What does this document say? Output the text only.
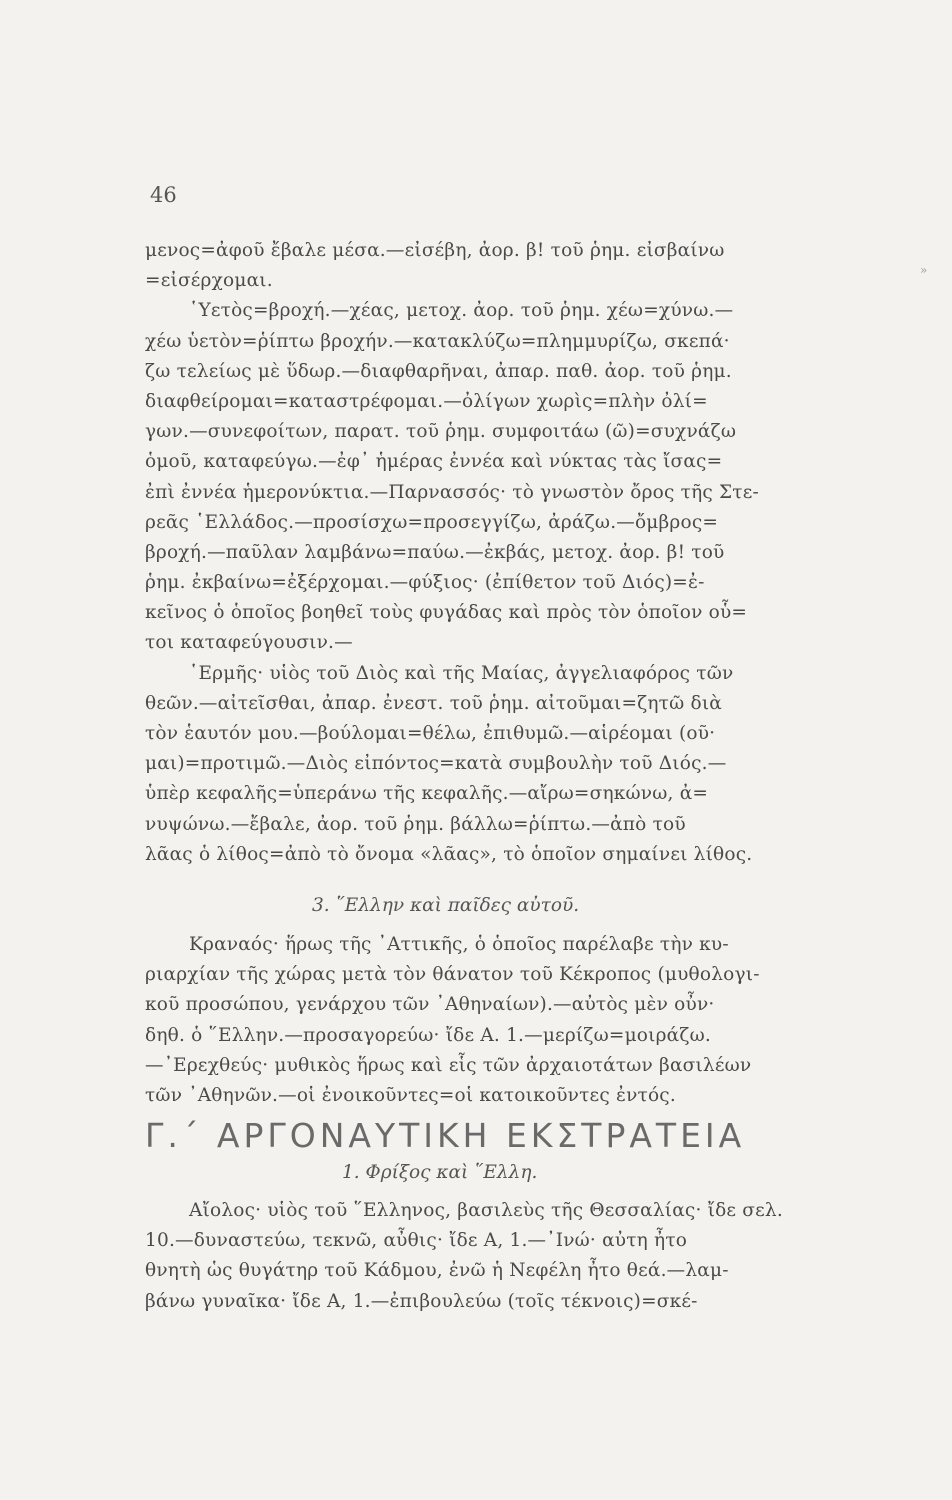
46
»
μενος=ἀφοῦ ἔβαλε μέσα.—εἰσέβη, ἀορ. β! τοῦ ῥημ. εἰσβαίνω
=εἰσέρχομαι.
῾Υετὸς=βροχή.—χέας, μετοχ. ἀορ. τοῦ ῥημ. χέω=χύνω.—
χέω ὑετὸν=ῥίπτω βροχήν.—κατακλύζω=πλημμυρίζω, σκεπά·
ζω τελείως μὲ ὕδωρ.—διαφθαρῆναι, ἀπαρ. παθ. ἀορ. τοῦ ῥημ.
διαφθείρομαι=καταστρέφομαι.—ὀλίγων χωρὶς=πλὴν ὀλί=
γων.—συνεφοίτων, παρατ. τοῦ ῥημ. συμφοιτάω (ῶ)=συχνάζω
ὁμοῦ, καταφεύγω.—ἐφ᾽ ἡμέρας ἐννέα καὶ νύκτας τὰς ἴσας=
ἐπὶ ἐννέα ἡμερονύκτια.—Παρνασσός· τὸ γνωστὸν ὄρος τῆς Στε-
ρεᾶς ῾Ελλάδος.—προσίσχω=προσεγγίζω, ἀράζω.—ὄμβρος=
βροχή.—παῦλαν λαμβάνω=παύω.—ἐκβάς, μετοχ. ἀορ. β! τοῦ
ῥημ. ἐκβαίνω=ἐξέρχομαι.—φύξιος· (ἐπίθετον τοῦ Διός)=ἐ-
κεῖνος ὁ ὁποῖος βοηθεῖ τοὺς φυγάδας καὶ πρὸς τὸν ὁποῖον οὗ=
τοι καταφεύγουσιν.—
῾Ερμῆς· υἱὸς τοῦ Διὸς καὶ τῆς Μαίας, ἀγγελιαφόρος τῶν
θεῶν.—αἰτεῖσθαι, ἀπαρ. ἐνεστ. τοῦ ῥημ. αἰτοῦμαι=ζητῶ διὰ
τὸν ἑαυτόν μου.—βούλομαι=θέλω, ἐπιθυμῶ.—αἱρέομαι (οῦ·
μαι)=προτιμῶ.—Διὸς εἰπόντος=κατὰ συμβουλὴν τοῦ Διός.—
ὑπὲρ κεφαλῆς=ὑπεράνω τῆς κεφαλῆς.—αἴρω=σηκώνω, ἀ=
νυψώνω.—ἔβαλε, ἀορ. τοῦ ῥημ. βάλλω=ῥίπτω.—ἀπὸ τοῦ
λᾶας ὁ λίθος=ἀπὸ τὸ ὄνομα «λᾶας», τὸ ὁποῖον σημαίνει λίθος.
3. ῞Ελλην καὶ παῖδες αὐτοῦ.
Κραναός· ἥρως τῆς ᾿Αττικῆς, ὁ ὁποῖος παρέλαβε τὴν κυ-
ριαρχίαν τῆς χώρας μετὰ τὸν θάνατον τοῦ Κέκροπος (μυθολογι-
κοῦ προσώπου, γενάρχου τῶν ᾿Αθηναίων).—αὐτὸς μὲν οὖν·
δηθ. ὁ ῞Ελλην.—προσαγορεύω· ἴδε Α. 1.—μερίζω=μοιράζω.
—᾿Ερεχθεύς· μυθικὸς ἥρως καὶ εἷς τῶν ἀρχαιοτάτων βασιλέων
τῶν ᾿Αθηνῶν.—οἱ ἐνοικοῦντες=οἱ κατοικοῦντες ἐντός.
Γ.΄ ΑΡΓΟΝΑΥΤΙΚΗ ΕΚΣΤΡΑΤΕΙΑ
1. Φρίξος καὶ ῞Ελλη.
Αἴολος· υἱὸς τοῦ ῞Ελληνος, βασιλεὺς τῆς Θεσσαλίας· ἴδε σελ.
10.—δυναστεύω, τεκνῶ, αὖθις· ἴδε Α, 1.—᾿Ινώ· αὐτη ἦτο
θνητὴ ὡς θυγάτηρ τοῦ Κάδμου, ἐνῶ ἡ Νεφέλη ἦτο θεά.—λαμ-
βάνω γυναῖκα· ἴδε Α, 1.—ἐπιβουλεύω (τοῖς τέκνοις)=σκέ-
